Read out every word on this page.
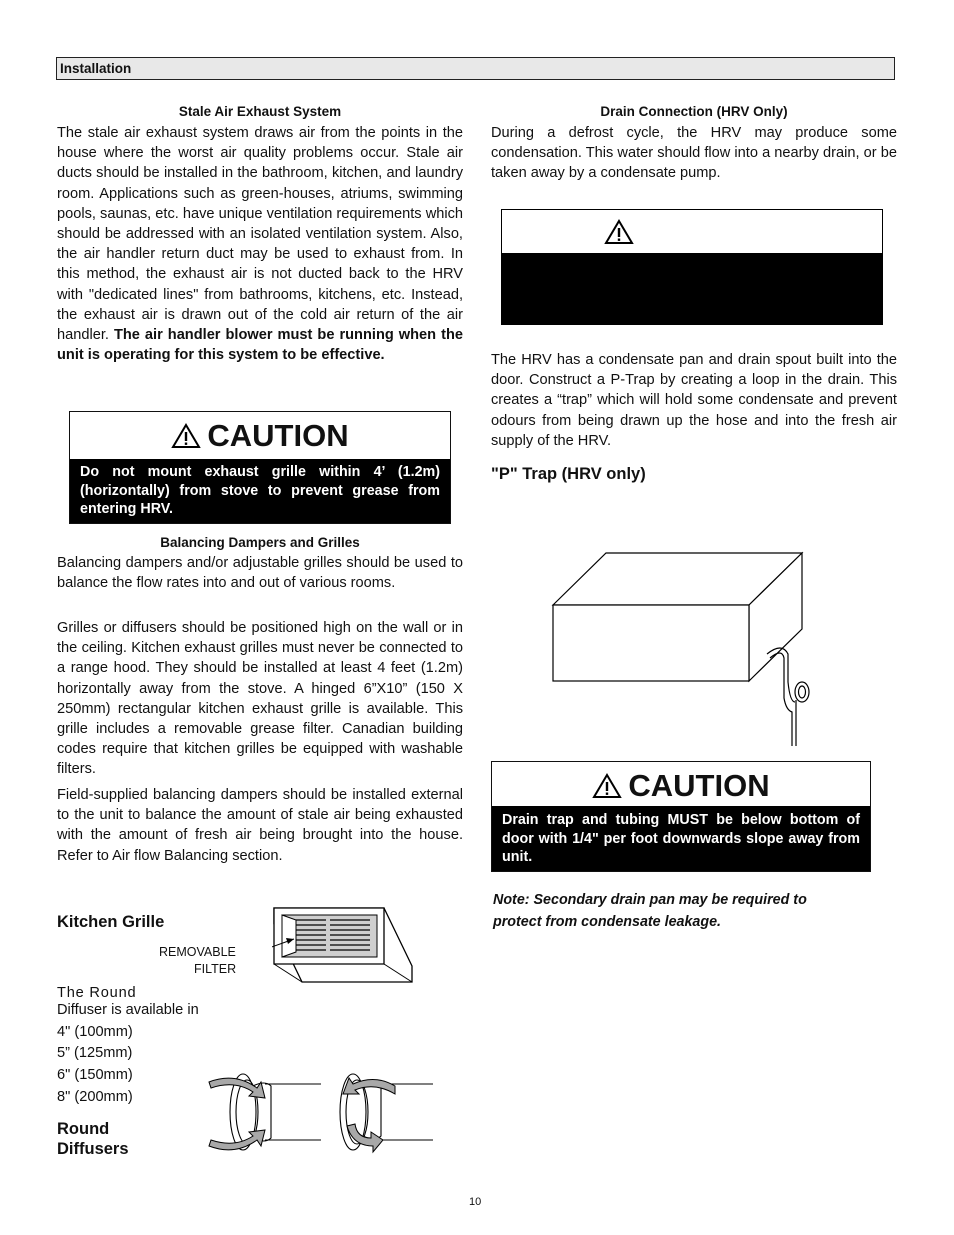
Installation
Stale Air Exhaust System

The stale air exhaust system draws air from the points in the house where the worst air quality problems occur. Stale air ducts should be installed in the bathroom, kitchen, and laundry room. Applications such as green-houses, atriums, swimming pools, saunas, etc. have unique ventilation requirements which should be addressed with an isolated ventilation system. Also, the air handler return duct may be used to exhaust from. In this method, the exhaust air is not ducted back to the HRV with "dedicated lines" from bathrooms, kitchens, etc. Instead, the exhaust air is drawn out of the cold air return of the air handler. The air handler blower must be running when the unit is operating for this system to be effective.

CAUTION
Do not mount exhaust grille within 4’ (1.2m) (horizontally) from stove to prevent grease from entering HRV.
Balancing Dampers and Grilles

Balancing dampers and/or adjustable grilles should be used to balance the flow rates into and out of various rooms.

Grilles or diffusers should be positioned high on the wall or in the ceiling. Kitchen exhaust grilles must never be connected to a range hood. They should be installed at least 4 feet (1.2m) horizontally away from the stove. A hinged 6”X10” (150 X 250mm) rectangular kitchen exhaust grille is available. This grille includes a removable grease filter. Canadian building codes require that kitchen grilles be equipped with washable filters.

Field-supplied balancing dampers should be installed external to the unit to balance the amount of stale air being exhausted with the amount of fresh air being brought into the house. Refer to Air flow Balancing section.

Kitchen Grille
REMOVABLE
FILTER
The Round
Diffuser is available in
4" (100mm)
5” (125mm)
6" (150mm)
8" (200mm)
Round
Diffusers
Drain Connection (HRV Only)

During a defrost cycle, the HRV may produce some condensation. This water should flow into a nearby drain, or be taken away by a condensate pump.

The HRV has a condensate pan and drain spout built into the door. Construct a P-Trap by creating a loop in the drain. This creates a “trap” which will hold some condensate and prevent odours from being drawn up the hose and into the fresh air supply of the HRV.

"P" Trap (HRV only)
CAUTION
Drain trap and tubing MUST be below bottom of door with 1/4" per foot downwards slope away from unit.
Note: Secondary drain pan may be required to protect from condensate leakage.
10
